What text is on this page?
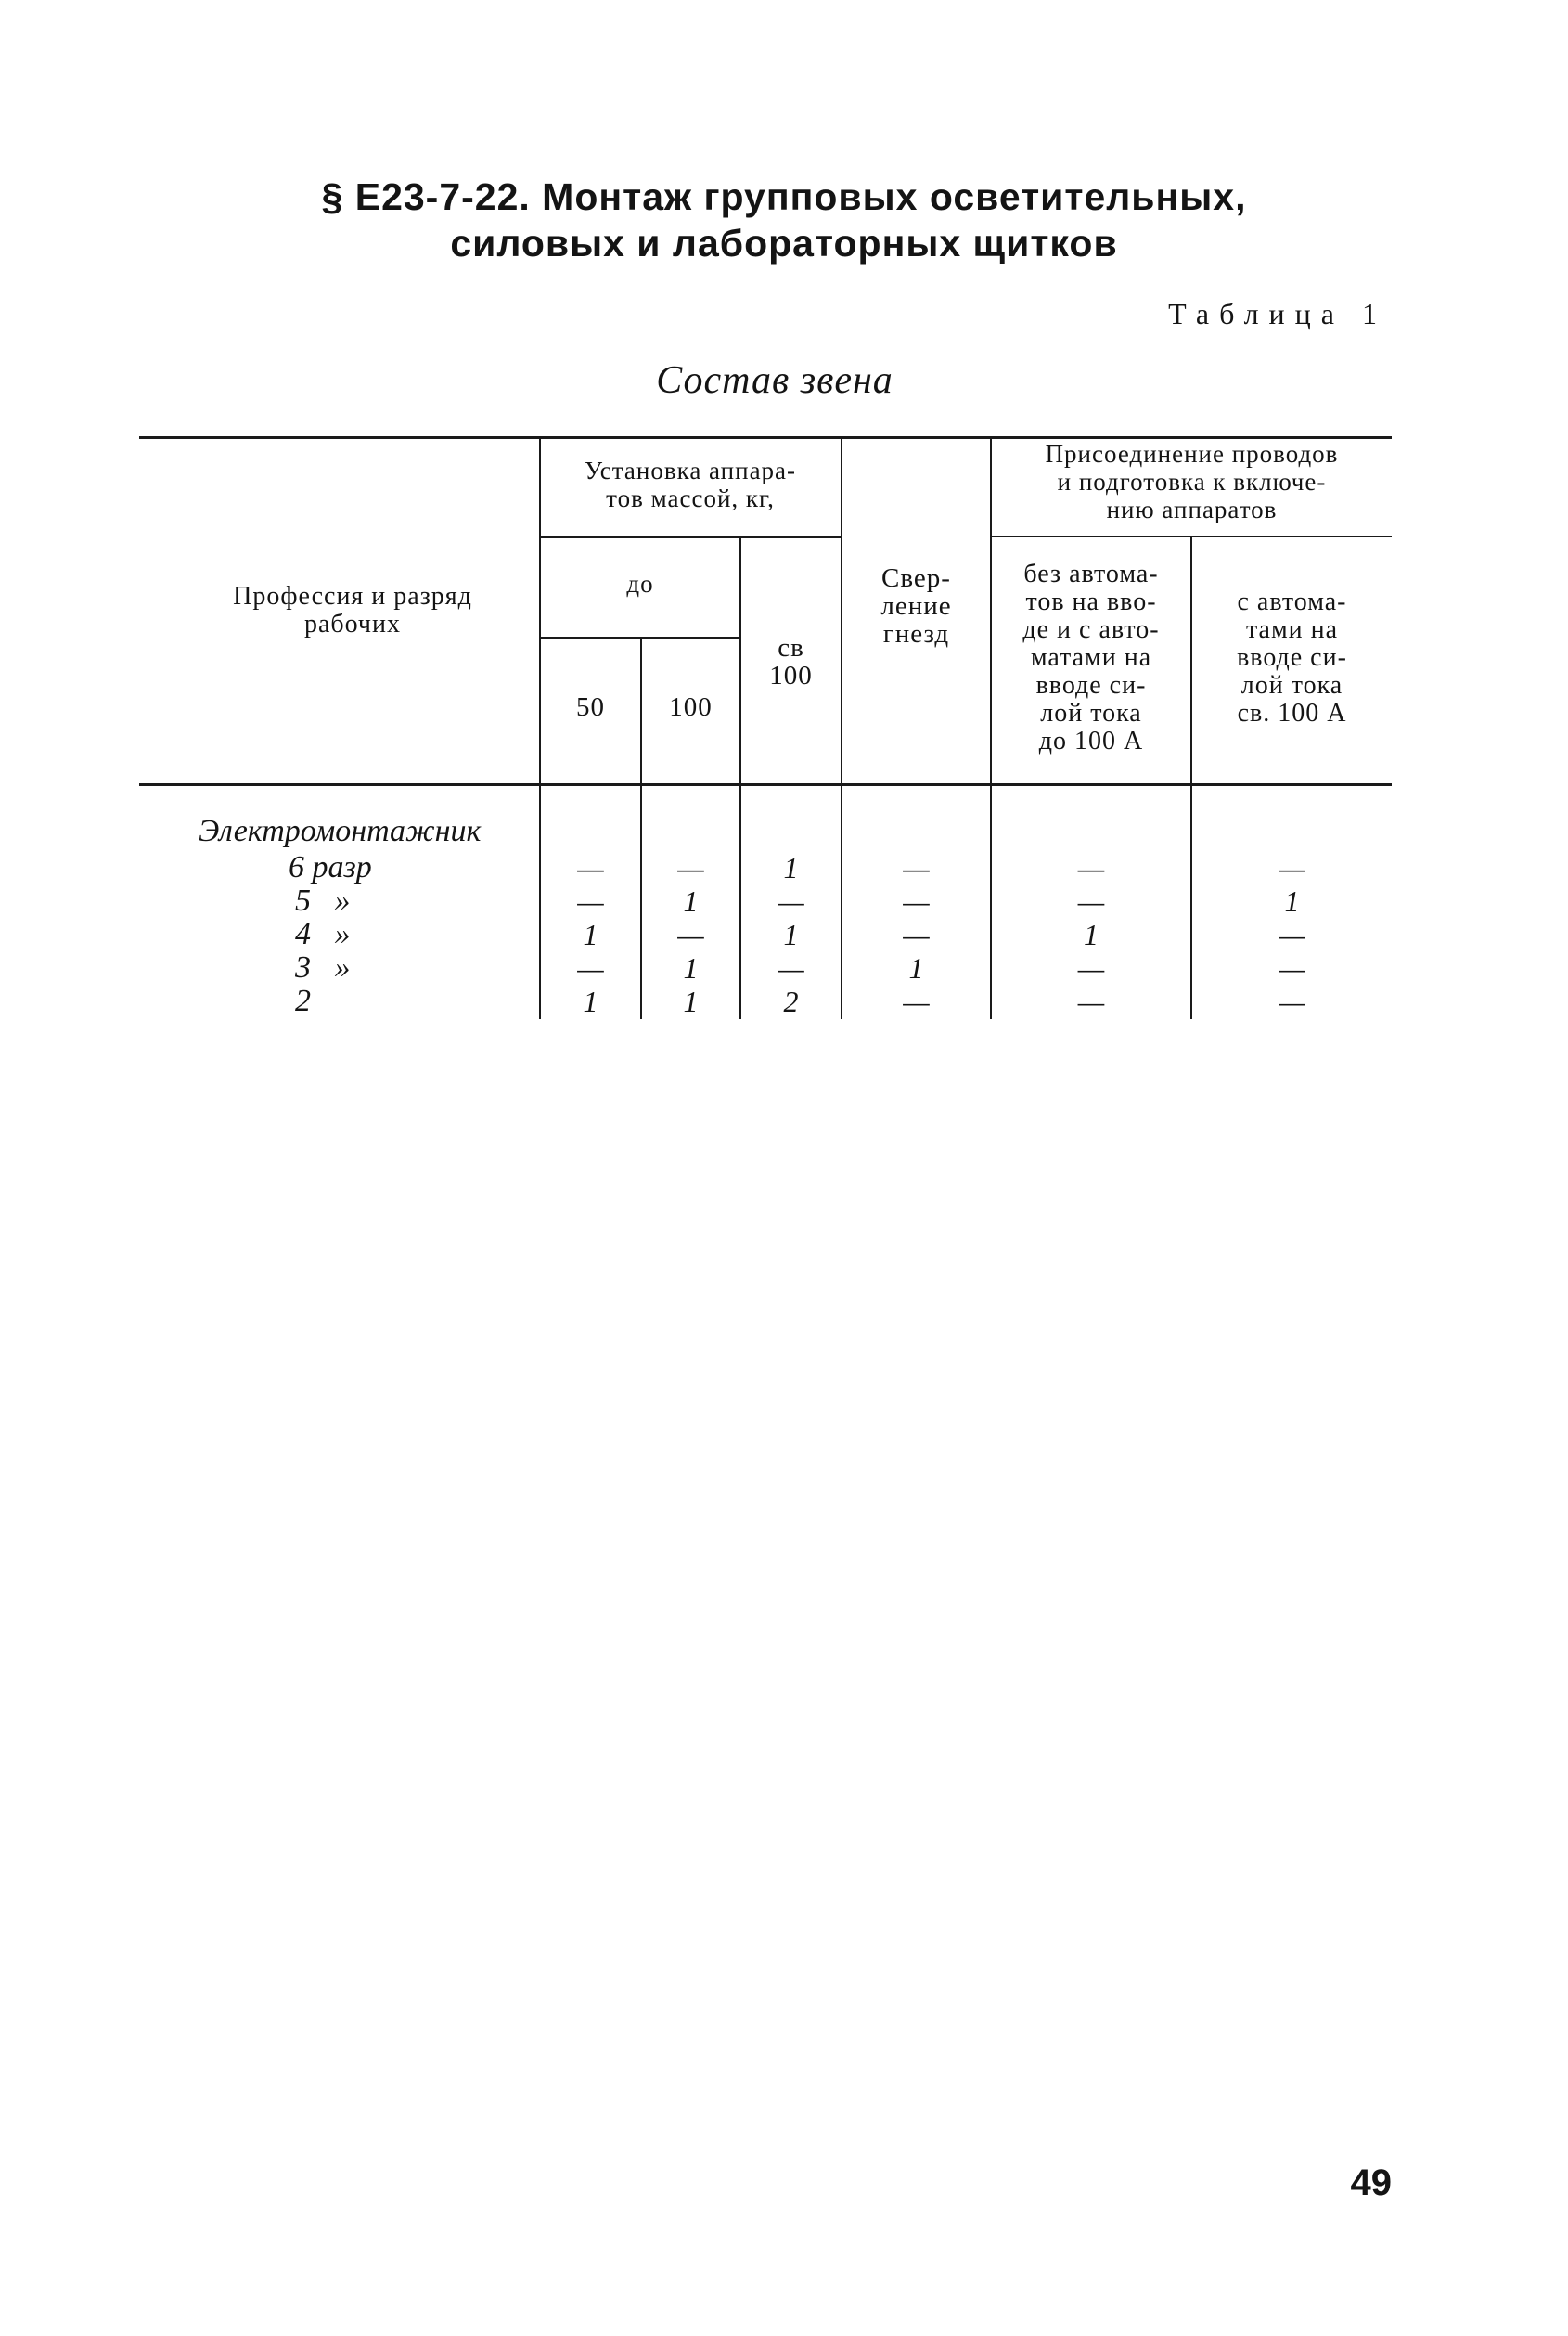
§ Е23-7-22. Монтаж групповых осветительных,
силовых и лабораторных щитков
Таблица 1
Состав звена
Профессия и разряд
рабочих
Установка аппара-
тов массой, кг,
до
50	100
св
100
Свер-
ление
гнезд
Присоединение проводов
и подготовка к включе-
нию аппаратов
без автома-
тов на вво-
де и с авто-
матами на
вводе си-
лой тока
до 100 А
с автома-
тами на
вводе си-
лой тока
св. 100 А
Электромонтажник
6 разр	—	—	1	—	—	—
5   »	—	1	—	—	—	1
4   »	1	—	1	—	1	—
3   »	—	1	—	1	—	—
2	1	1	2	—	—	—
49
